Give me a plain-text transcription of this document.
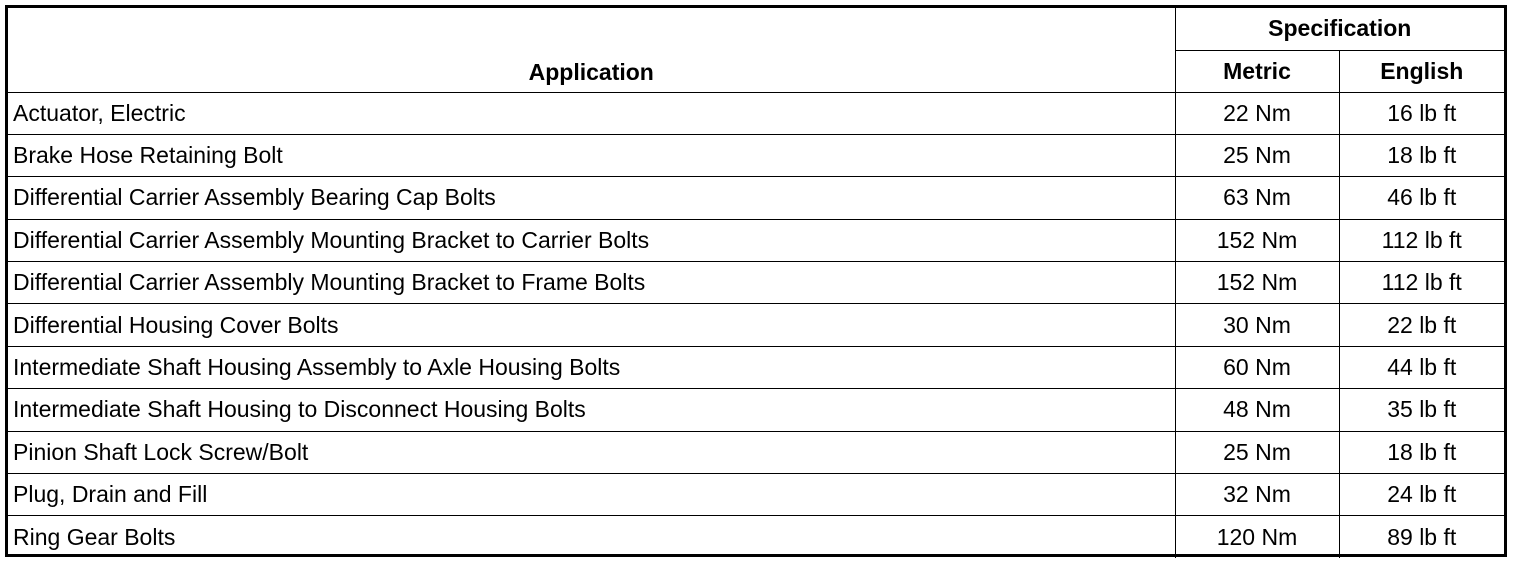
Application	Specification	
	Metric	English
Actuator, Electric	22 Nm	16 lb ft
Brake Hose Retaining Bolt	25 Nm	18 lb ft
Differential Carrier Assembly Bearing Cap Bolts	63 Nm	46 lb ft
Differential Carrier Assembly Mounting Bracket to Carrier Bolts	152 Nm	112 lb ft
Differential Carrier Assembly Mounting Bracket to Frame Bolts	152 Nm	112 lb ft
Differential Housing Cover Bolts	30 Nm	22 lb ft
Intermediate Shaft Housing Assembly to Axle Housing Bolts	60 Nm	44 lb ft
Intermediate Shaft Housing to Disconnect Housing Bolts	48 Nm	35 lb ft
Pinion Shaft Lock Screw/Bolt	25 Nm	18 lb ft
Plug, Drain and Fill	32 Nm	24 lb ft
Ring Gear Bolts	120 Nm	89 lb ft
